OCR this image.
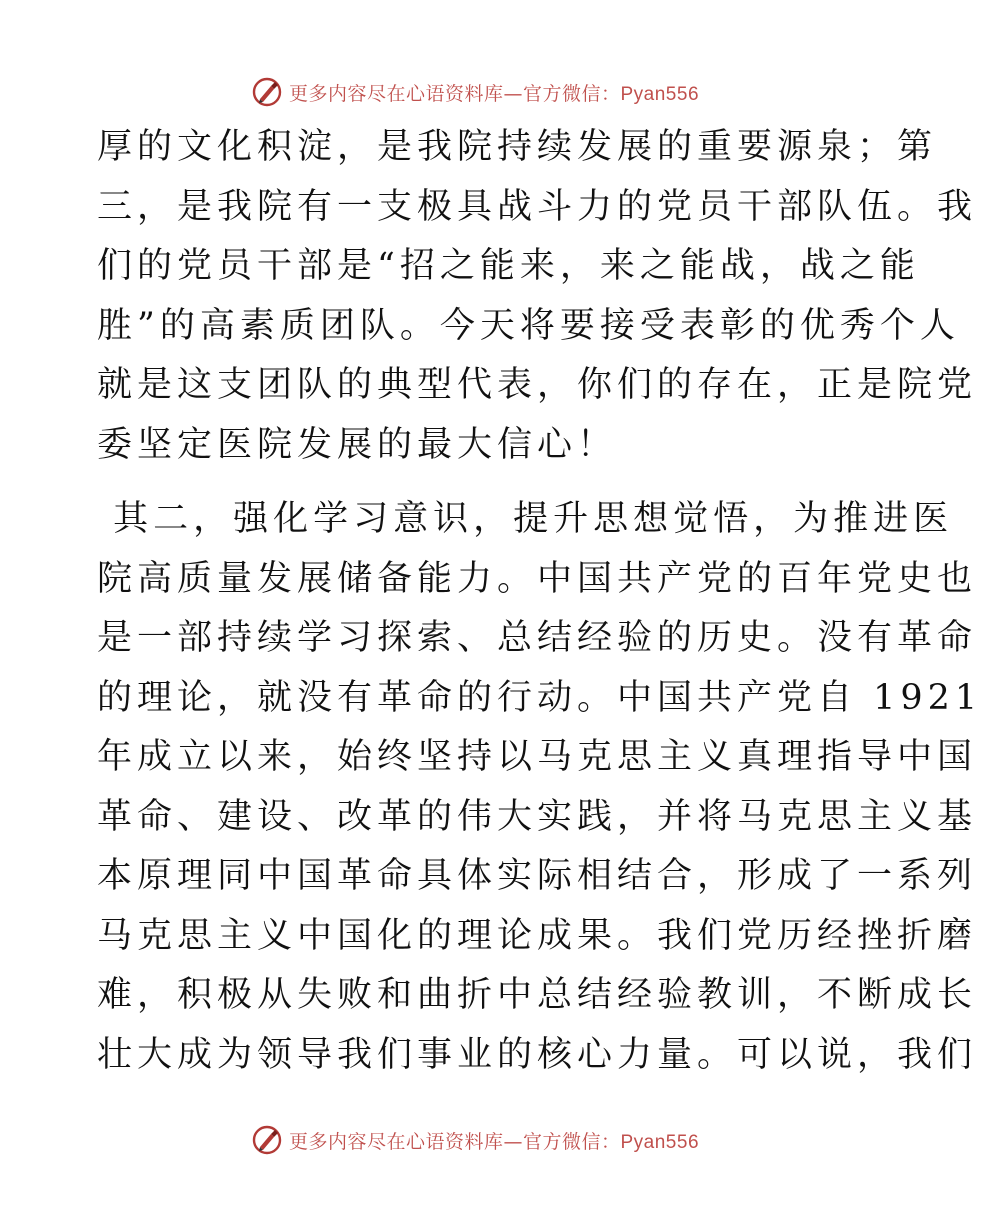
更多内容尽在心语资料库—官方微信：Pyan556
厚的文化积淀，是我院持续发展的重要源泉；第
三，是我院有一支极具战斗力的党员干部队伍。我
们的党员干部是“招之能来，来之能战，战之能
胜”的高素质团队。今天将要接受表彰的优秀个人
就是这支团队的典型代表，你们的存在，正是院党
委坚定医院发展的最大信心！
其二，强化学习意识，提升思想觉悟，为推进医
院高质量发展储备能力。中国共产党的百年党史也
是一部持续学习探索、总结经验的历史。没有革命
的理论，就没有革命的行动。中国共产党自 1921
年成立以来，始终坚持以马克思主义真理指导中国
革命、建设、改革的伟大实践，并将马克思主义基
本原理同中国革命具体实际相结合，形成了一系列
马克思主义中国化的理论成果。我们党历经挫折磨
难，积极从失败和曲折中总结经验教训，不断成长
壮大成为领导我们事业的核心力量。可以说，我们
更多内容尽在心语资料库—官方微信：Pyan556
